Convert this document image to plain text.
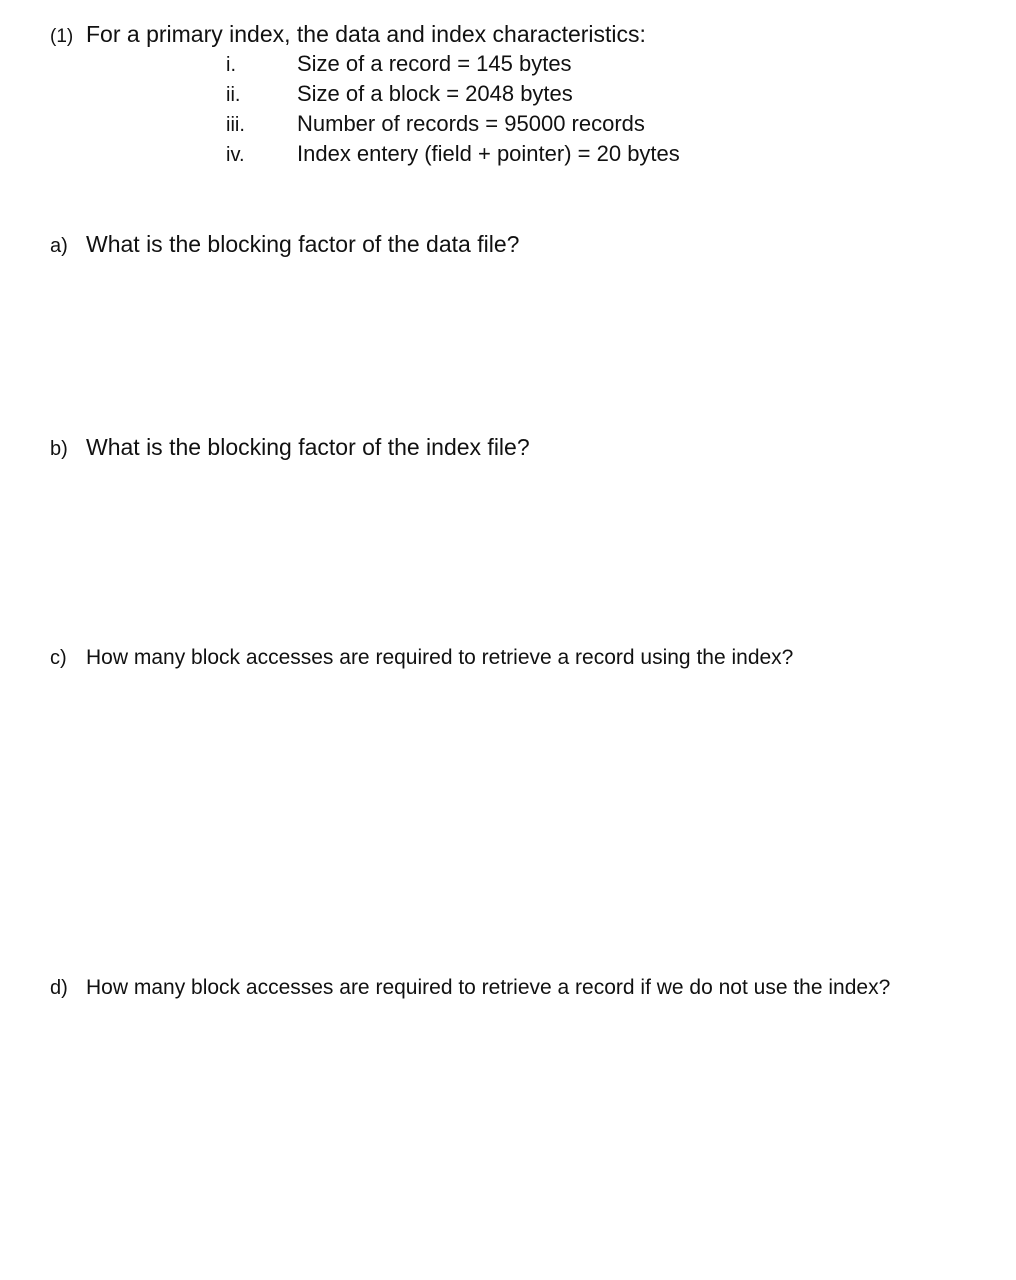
(1) For a primary index, the data and index characteristics:
i.	Size of a record = 145 bytes
ii.	Size of a block = 2048 bytes
iii. Number of records = 95000 records
iv. Index entery (field + pointer) = 20 bytes
a) What is the blocking factor of the data file?
b) What is the blocking factor of the index file?
c) How many block accesses are required to retrieve a record using the index?
d) How many block accesses are required to retrieve a record if we do not use the index?
